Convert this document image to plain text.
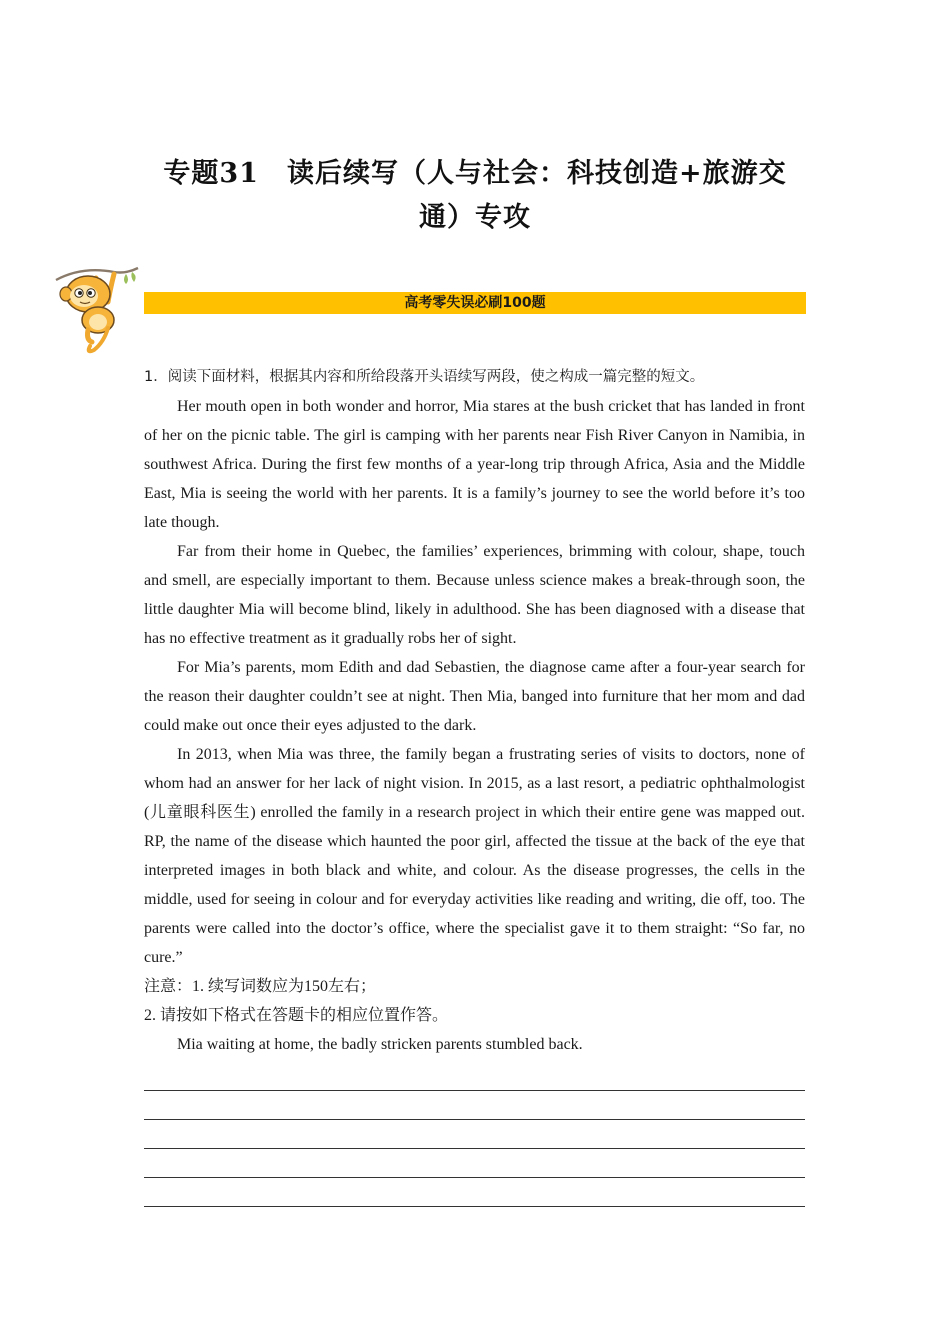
专题31　读后续写（人与社会：科技创造+旅游交通）专攻
高考零失误必刷100题

1．阅读下面材料，根据其内容和所给段落开头语续写两段，使之构成一篇完整的短文。

Her mouth open in both wonder and horror, Mia stares at the bush cricket that has landed in front of her on the picnic table. The girl is camping with her parents near Fish River Canyon in Namibia, in southwest Africa. During the first few months of a year-long trip through Africa, Asia and the Middle East, Mia is seeing the world with her parents. It is a family’s journey to see the world before it’s too late though.

Far from their home in Quebec, the families’ experiences, brimming with colour, shape, touch and smell, are especially important to them. Because unless science makes a break-through soon, the little daughter Mia will become blind, likely in adulthood. She has been diagnosed with a disease that has no effective treatment as it gradually robs her of sight.

For Mia’s parents, mom Edith and dad Sebastien, the diagnose came after a four-year search for the reason their daughter couldn’t see at night. Then Mia, banged into furniture that her mom and dad could make out once their eyes adjusted to the dark.

In 2013, when Mia was three, the family began a frustrating series of visits to doctors, none of whom had an answer for her lack of night vision. In 2015, as a last resort, a pediatric ophthalmologist (儿童眼科医生) enrolled the family in a research project in which their entire gene was mapped out. RP, the name of the disease which haunted the poor girl, affected the tissue at the back of the eye that interpreted images in both black and white, and colour. As the disease progresses, the cells in the middle, used for seeing in colour and for everyday activities like reading and writing, die off, too. The parents were called into the doctor’s office, where the specialist gave it to them straight: “So far, no cure.”

注意：1. 续写词数应为150左右；

2. 请按如下格式在答题卡的相应位置作答。

Mia waiting at home, the badly stricken parents stumbled back.
